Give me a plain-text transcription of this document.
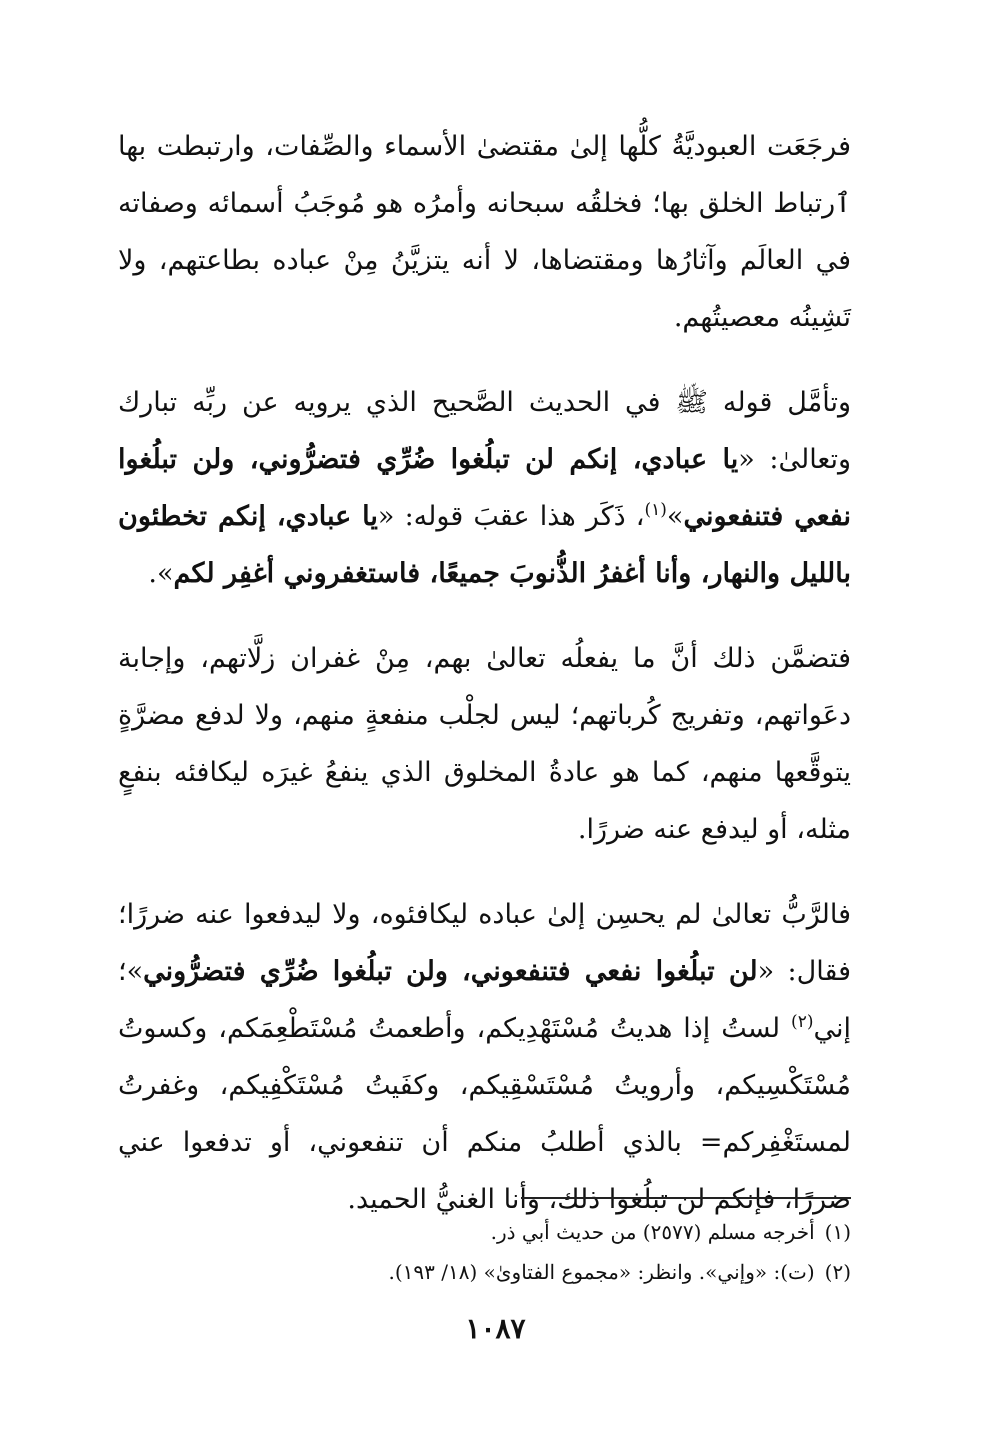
فرجَعَت العبوديَّةُ كلُّها إلىٰ مقتضىٰ الأسماء والصِّفات، وارتبطت بها ٱرتباط الخلق بها؛ فخلقُه سبحانه وأمرُه هو مُوجَبُ أسمائه وصفاته في العالَم وآثارُها ومقتضاها، لا أنه يتزيَّنُ مِنْ عباده بطاعتهم، ولا تَشِينُه معصيتُهم.

وتأمَّل قوله ﷺ في الحديث الصَّحيح الذي يرويه عن ربِّه تبارك وتعالىٰ: «يا عبادي، إنكم لن تبلُغوا ضُرِّي فتضرُّوني، ولن تبلُغوا نفعي فتنفعوني»$^{(١)}$، ذَكَر هذا عقبَ قوله: «يا عبادي، إنكم تخطئون بالليل والنهار، وأنا أغفرُ الذُّنوبَ جميعًا، فاستغفروني أغفِر لكم».

فتضمَّن ذلك أنَّ ما يفعلُه تعالىٰ بهم، مِنْ غفران زلَّاتهم، وإجابة دعَواتهم، وتفريج كُرباتهم؛ ليس لجلْب منفعةٍ منهم، ولا لدفع مضرَّةٍ يتوقَّعها منهم، كما هو عادةُ المخلوق الذي ينفعُ غيرَه ليكافئه بنفعٍ مثله، أو ليدفع عنه ضررًا.

فالرَّبُّ تعالىٰ لم يحسِن إلىٰ عباده ليكافئوه، ولا ليدفعوا عنه ضررًا؛ فقال: «لن تبلُغوا نفعي فتنفعوني، ولن تبلُغوا ضُرِّي فتضرُّوني»؛ إني$^{(٢)}$ لستُ إذا هديتُ مُسْتَهْدِيكم، وأطعمتُ مُسْتَطْعِمَكم، وكسوتُ مُسْتَكْسِيكم، وأرويتُ مُسْتَسْقِيكم، وكفَيتُ مُسْتَكْفِيكم، وغفرتُ لمستَغْفِركم= بالذي أطلبُ منكم أن تنفعوني، أو تدفعوا عني ضررًا، فإنكم لن تبلُغوا ذلك، وأنا الغنيُّ الحميد.

(١)أخرجه مسلم (٢٥٧٧) من حديث أبي ذر.
(٢)(ت): «وإني». وانظر: «مجموع الفتاوىٰ» (١٨/ ١٩٣).
١٠٨٧
